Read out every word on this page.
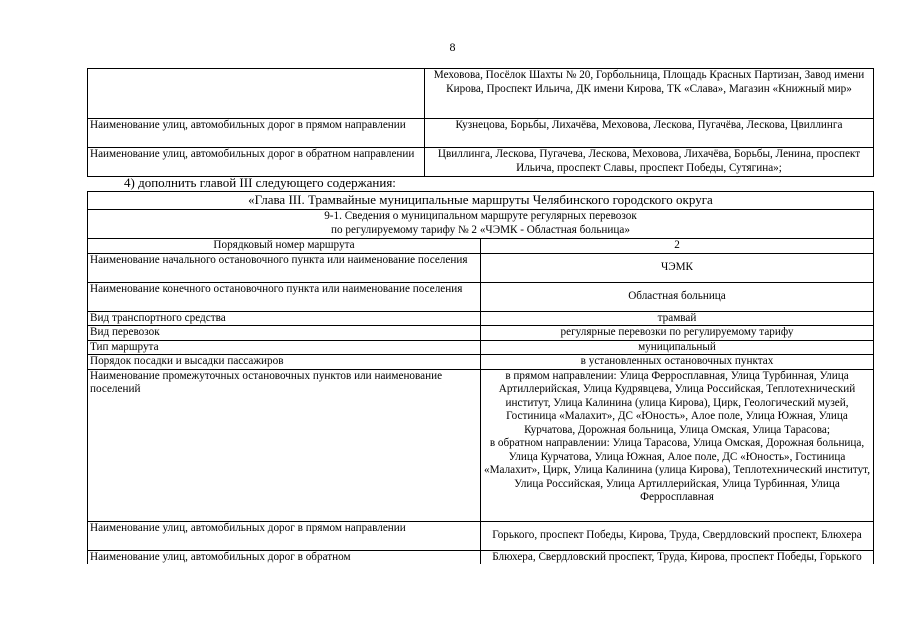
8
	Меховова, Посёлок Шахты № 20, Горбольница, Площадь Красных Партизан, Завод имени Кирова, Проспект Ильича, ДК имени Кирова, ТК «Слава», Магазин «Книжный мир»
Наименование улиц, автомобильных дорог в прямом направлении	Кузнецова, Борьбы, Лихачёва, Меховова, Лескова, Пугачёва, Лескова, Цвиллинга
Наименование улиц, автомобильных дорог в обратном направлении	Цвиллинга, Лескова, Пугачева, Лескова, Меховова, Лихачёва, Борьбы, Ленина, проспект Ильича, проспект Славы, проспект Победы, Сутягина»;
4) дополнить главой III следующего содержания:
«Глава III. Трамвайные муниципальные маршруты Челябинского городского округа	

9-1. Сведения о муниципальном маршруте регулярных перевозок
по регулируемому тарифу № 2 «ЧЭМК - Областная больница»	

Порядковый номер маршрута	2
Наименование начального остановочного пункта или наименование поселения	ЧЭМК
Наименование конечного остановочного пункта или наименование поселения	Областная больница
Вид транспортного средства	трамвай
Вид перевозок	регулярные перевозки по регулируемому тарифу
Тип маршрута	муниципальный
Порядок посадки и высадки пассажиров	в установленных остановочных пунктах
Наименование промежуточных остановочных пунктов или наименование поселений	в прямом направлении: Улица Ферросплавная, Улица Турбинная, Улица Артиллерийская, Улица Кудрявцева, Улица Российская, Теплотехнический институт, Улица Калинина (улица Кирова), Цирк, Геологический музей, Гостиница «Малахит», ДС «Юность», Алое поле, Улица Южная, Улица Курчатова, Дорожная больница, Улица Омская, Улица Тарасова;
в обратном направлении: Улица Тарасова, Улица Омская, Дорожная больница, Улица Курчатова, Улица Южная, Алое поле, ДС «Юность», Гостиница «Малахит», Цирк, Улица Калинина (улица Кирова), Теплотехнический институт, Улица Российская, Улица Артиллерийская, Улица Турбинная, Улица Ферросплавная

Наименование улиц, автомобильных дорог в прямом направлении	Горького, проспект Победы, Кирова, Труда, Свердловский проспект, Блюхера
Наименование улиц, автомобильных дорог в обратном	Блюхера, Свердловский проспект, Труда, Кирова, проспект Победы, Горького
